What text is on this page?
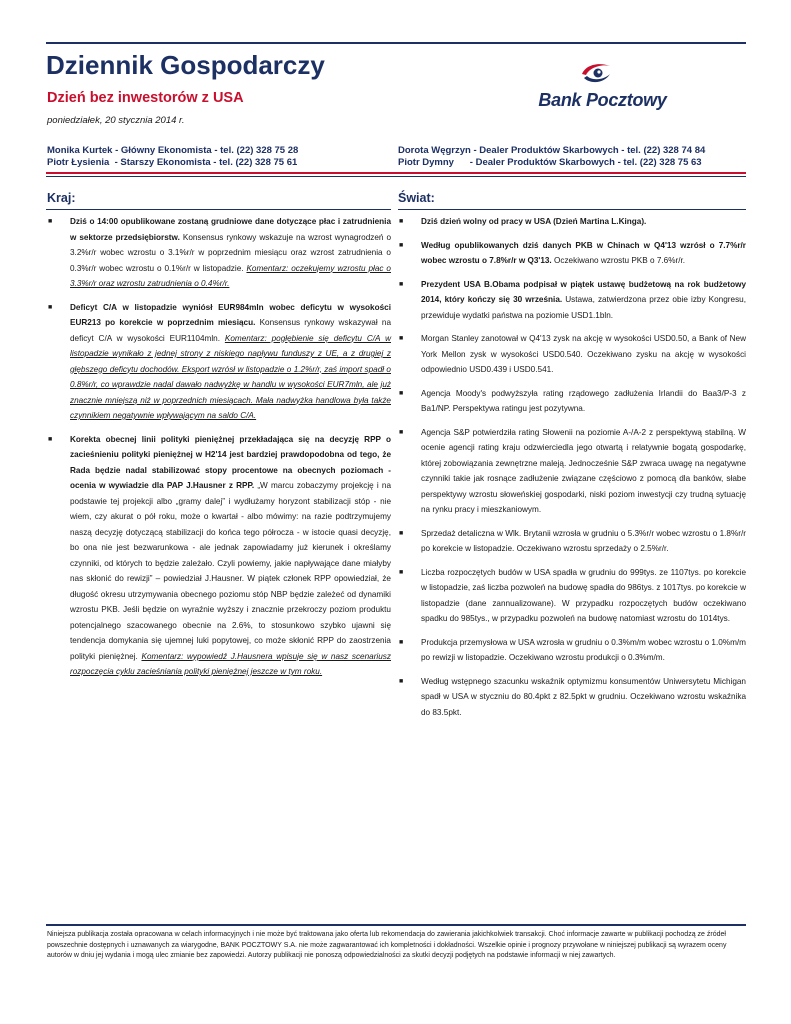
Dziennik Gospodarczy
Dzień bez inwestorów z USA
poniedziałek, 20 stycznia 2014 r.
Bank Pocztowy
Monika Kurtek - Główny Ekonomista - tel. (22) 328 75 28
Piotr Łysienia  - Starszy Ekonomista - tel. (22) 328 75 61
Dorota Węgrzyn - Dealer Produktów Skarbowych - tel. (22) 328 74 84
Piotr Dymny      - Dealer Produktów Skarbowych - tel. (22) 328 75 63
Kraj:	Świat:
■ Dziś o 14:00 opublikowane zostaną grudniowe dane dotyczące płac i zatrudnienia w sektorze przedsiębiorstw. Konsensus rynkowy wskazuje na wzrost wynagrodzeń o 3.2%r/r wobec wzrostu o 3.1%r/r w poprzednim miesiącu oraz wzrost zatrudnienia o 0.3%r/r wobec wzrostu o 0.1%r/r w listopadzie. Komentarz: oczekujemy wzrostu płac o 3.3%r/r oraz wzrostu zatrudnienia o 0.4%r/r.
■ Deficyt C/A w listopadzie wyniósł EUR984mln wobec deficytu w wysokości EUR213 po korekcie w poprzednim miesiącu. Konsensus rynkowy wskazywał na deficyt C/A w wysokości EUR1104mln. Komentarz: pogłębienie się deficytu C/A w listopadzie wynikało z jednej strony z niskiego napływu funduszy z UE, a z drugiej z głębszego deficytu dochodów. Eksport wzrósł w listopadzie o 1.2%r/r, zaś import spadł o 0.8%r/r, co wprawdzie nadal dawało nadwyżkę w handlu w wysokości EUR7mln, ale już znacznie mniejszą niż w poprzednich miesiącach. Mała nadwyżka handlowa była także czynnikiem negatywnie wpływającym na saldo C/A.
■ Korekta obecnej linii polityki pieniężnej przekładająca się na decyzję RPP o zacieśnieniu polityki pieniężnej w H2'14 jest bardziej prawdopodobna od tego, że Rada będzie nadal stabilizować stopy procentowe na obecnych poziomach - ocenia w wywiadzie dla PAP J.Hausner z RPP. „W marcu zobaczymy projekcję i na podstawie tej projekcji albo „gramy dalej” i wydłużamy horyzont stabilizacji stóp - nie wiem, czy akurat o pół roku, może o kwartał - albo mówimy: na razie podtrzymujemy naszą decyzję dotyczącą stabilizacji do końca tego półrocza - w istocie quasi decyzję, bo ona nie jest bezwarunkowa - ale jednak zapowiadamy już kierunek i określamy czynniki, od których to będzie zależało. Czyli powiemy, jakie napływające dane miałyby nas skłonić do rewizji” – powiedział J.Hausner. W piątek członek RPP opowiedział, że długość okresu utrzymywania obecnego poziomu stóp NBP będzie zależeć od dynamiki wzrostu PKB. Jeśli będzie on wyraźnie wyższy i znacznie przekroczy poziom produktu potencjalnego szacowanego obecnie na 2.6%, to stosunkowo szybko ujawni się tendencja domykania się ujemnej luki popytowej, co może skłonić RPP do zaostrzenia polityki pieniężnej. Komentarz: wypowiedź J.Hausnera wpisuje się w nasz scenariusz rozpoczęcia cyklu zacieśniania polityki pieniężnej jeszcze w tym roku.
■ Dziś dzień wolny od pracy w USA (Dzień Martina L.Kinga).
■ Według opublikowanych dziś danych PKB w Chinach w Q4'13 wzrósł o 7.7%r/r wobec wzrostu o 7.8%r/r w Q3'13. Oczekiwano wzrostu PKB o 7.6%r/r.
■ Prezydent USA B.Obama podpisał w piątek ustawę budżetową na rok budżetowy 2014, który kończy się 30 września. Ustawa, zatwierdzona przez obie izby Kongresu, przewiduje wydatki państwa na poziomie USD1.1bln.
■ Morgan Stanley zanotował w Q4'13 zysk na akcję w wysokości USD0.50, a Bank of New York Mellon zysk w wysokości USD0.540. Oczekiwano zysku na akcję w wysokości odpowiednio USD0.439 i USD0.541.
■ Agencja Moody's podwyższyła rating rządowego zadłużenia Irlandii do Baa3/P-3 z Ba1/NP. Perspektywa ratingu jest pozytywna.
■ Agencja S&P potwierdziła rating Słowenii na poziomie A-/A-2 z perspektywą stabilną. W ocenie agencji rating kraju odzwierciedla jego otwartą i relatywnie bogatą gospodarkę, której zobowiązania zewnętrzne maleją. Jednocześnie S&P zwraca uwagę na negatywne czynniki takie jak rosnące zadłużenie związane częściowo z pomocą dla banków, słabe perspektywy wzrostu słoweńskiej gospodarki, niski poziom inwestycji czy trudną sytuację na rynku pracy i mieszkaniowym.
■ Sprzedaż detaliczna w Wlk. Brytanii wzrosła w grudniu o 5.3%r/r wobec wzrostu o 1.8%r/r po korekcie w listopadzie. Oczekiwano wzrostu sprzedaży o 2.5%r/r.
■ Liczba rozpoczętych budów w USA spadła w grudniu do 999tys. ze 1107tys. po korekcie w listopadzie, zaś liczba pozwoleń na budowę spadła do 986tys. z 1017tys. po korekcie w listopadzie (dane zannualizowane). W przypadku rozpoczętych budów oczekiwano spadku do 985tys., w przypadku pozwoleń na budowę natomiast wzrostu do 1014tys.
■ Produkcja przemysłowa w USA wzrosła w grudniu o 0.3%m/m wobec wzrostu o 1.0%m/m po rewizji w listopadzie. Oczekiwano wzrostu produkcji o 0.3%m/m.
■ Według wstępnego szacunku wskaźnik optymizmu konsumentów Uniwersytetu Michigan spadł w USA w styczniu do 80.4pkt z 82.5pkt w grudniu. Oczekiwano wzrostu wskaźnika do 83.5pkt.
Niniejsza publikacja została opracowana w celach informacyjnych i nie może być traktowana jako oferta lub rekomendacja do zawierania jakichkolwiek transakcji. Choć informacje zawarte w publikacji pochodzą ze źródeł powszechnie dostępnych i uznawanych za wiarygodne, BANK POCZTOWY S.A. nie może zagwarantować ich kompletności i dokładności. Wszelkie opinie i prognozy przywołane w niniejszej publikacji są wyrazem oceny autorów w dniu jej wydania i mogą ulec zmianie bez zapowiedzi. Autorzy publikacji nie ponoszą odpowiedzialności za skutki decyzji podjętych na podstawie informacji w niej zawartych.
